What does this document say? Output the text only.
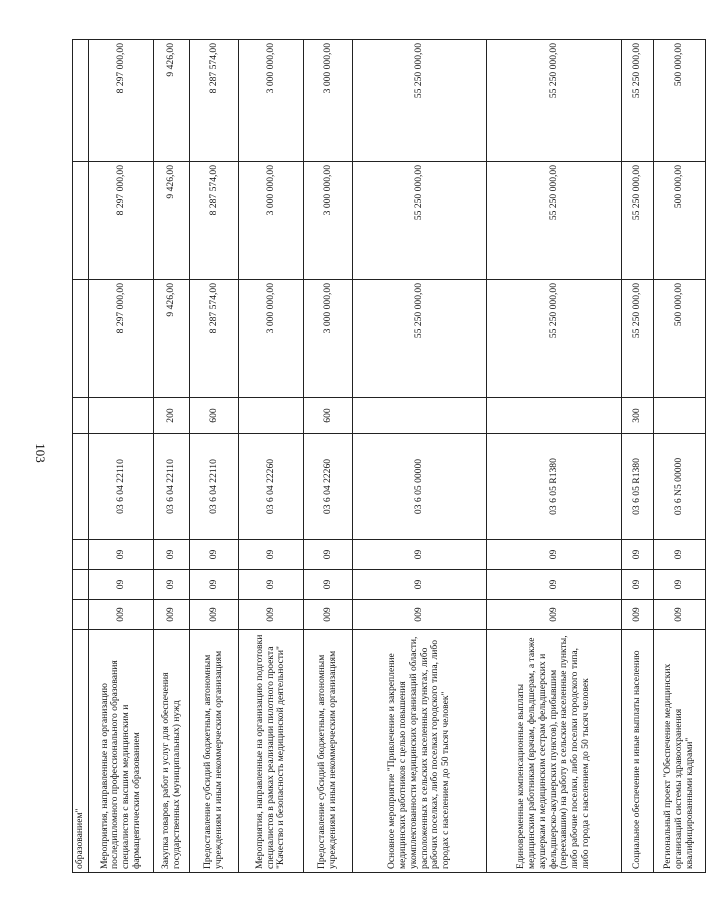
103
образованием"								
Мероприятия, направленные на организацию последипломного профессионального образования специалистов с высшим медицинским и фармацевтическим образованием	009	09	09	03 6 04 22110		8 297 000,00	8 297 000,00	8 297 000,00
Закупка товаров, работ и услуг для обеспечения государственных (муниципальных) нужд	009	09	09	03 6 04 22110	200	9 426,00	9 426,00	9 426,00
Предоставление субсидий бюджетным, автономным учреждениям и иным некоммерческим организациям	009	09	09	03 6 04 22110	600	8 287 574,00	8 287 574,00	8 287 574,00
Мероприятия, направленные на организацию подготовки специалистов в рамках реализации пилотного проекта "Качество и безопасность медицинской деятельности"	009	09	09	03 6 04 22260		3 000 000,00	3 000 000,00	3 000 000,00
Предоставление субсидий бюджетным, автономным учреждениям и иным некоммерческим организациям	009	09	09	03 6 04 22260	600	3 000 000,00	3 000 000,00	3 000 000,00
Основное мероприятие "Привлечение и закрепление медицинских работников с целью повышения укомплектованности медицинских организаций области, расположенных в сельских населенных пунктах, либо рабочих поселках, либо поселках городского типа, либо городах с населением до 50 тысяч человек"	009	09	09	03 6 05 00000		55 250 000,00	55 250 000,00	55 250 000,00
Единовременные компенсационные выплаты медицинским работникам (врачам, фельдшерам, а также акушеркам и медицинским сестрам фельдшерских и фельдшерско-акушерских пунктов), прибывшим (переехавшим) на работу в сельские населенные пункты, либо рабочие поселки, либо поселки городского типа, либо города с населением до 50 тысяч человек	009	09	09	03 6 05 R1380		55 250 000,00	55 250 000,00	55 250 000,00
Социальное обеспечение и иные выплаты населению	009	09	09	03 6 05 R1380	300	55 250 000,00	55 250 000,00	55 250 000,00
Региональный проект "Обеспечение медицинских организаций системы здравоохранения квалифицированными кадрами"	009	09	09	03 6 N5 00000		500 000,00	500 000,00	500 000,00
